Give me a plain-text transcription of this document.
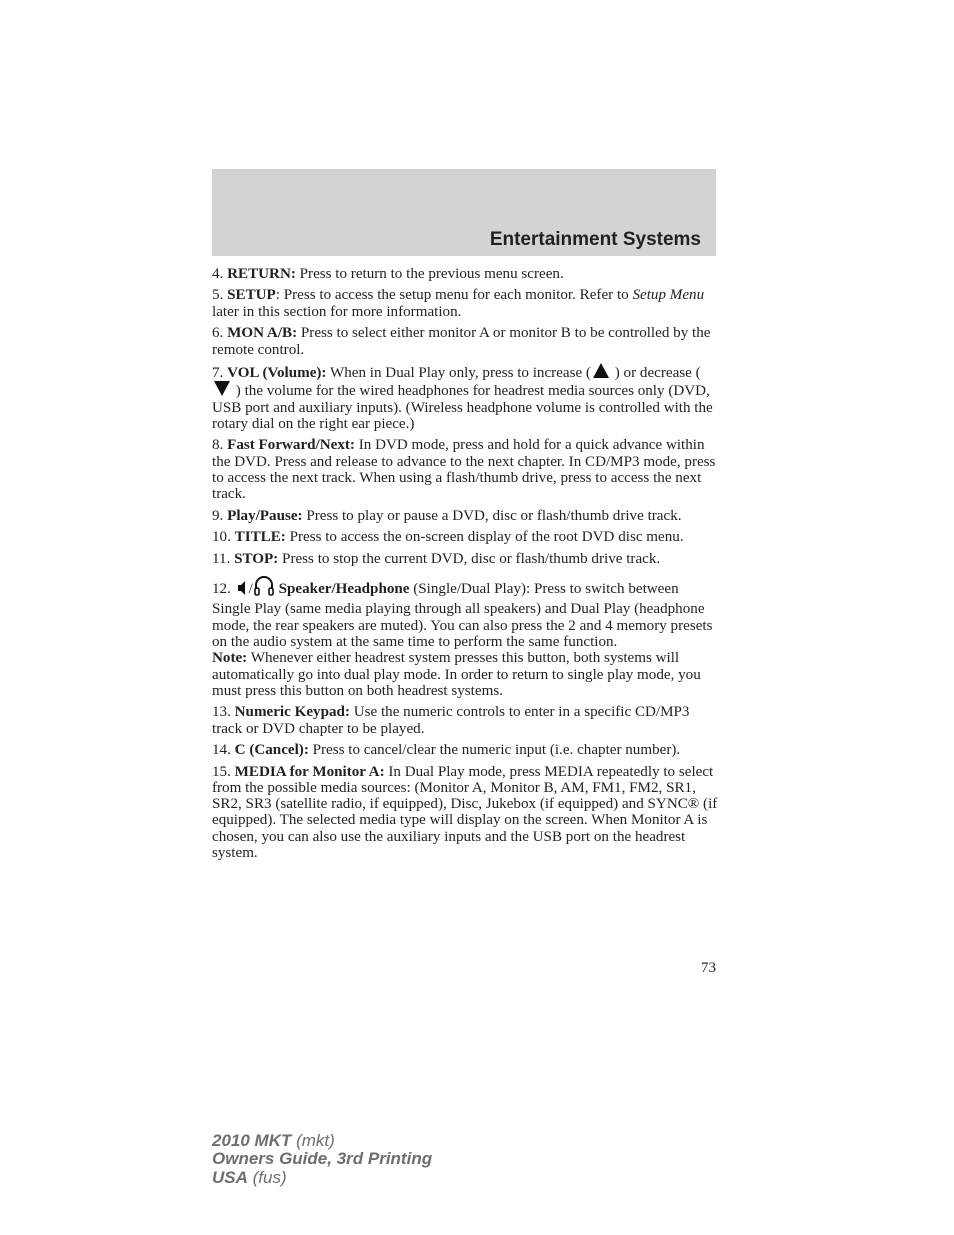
Entertainment Systems

4. RETURN: Press to return to the previous menu screen.

5. SETUP: Press to access the setup menu for each monitor. Refer to Setup Menu later in this section for more information.

6. MON A/B: Press to select either monitor A or monitor B to be controlled by the remote control.

7. VOL (Volume): When in Dual Play only, press to increase ( ) or decrease ( ) the volume for the wired headphones for headrest media sources only (DVD, USB port and auxiliary inputs). (Wireless headphone volume is controlled with the rotary dial on the right ear piece.)

8. Fast Forward/Next: In DVD mode, press and hold for a quick advance within the DVD. Press and release to advance to the next chapter. In CD/MP3 mode, press to access the next track. When using a flash/thumb drive, press to access the next track.

9. Play/Pause: Press to play or pause a DVD, disc or flash/thumb drive track.

10. TITLE: Press to access the on-screen display of the root DVD disc menu.

11. STOP: Press to stop the current DVD, disc or flash/thumb drive track.

12. / Speaker/Headphone (Single/Dual Play): Press to switch between Single Play (same media playing through all speakers) and Dual Play (headphone mode, the rear speakers are muted). You can also press the 2 and 4 memory presets on the audio system at the same time to perform the same function.

Note: Whenever either headrest system presses this button, both systems will automatically go into dual play mode. In order to return to single play mode, you must press this button on both headrest systems.

13. Numeric Keypad: Use the numeric controls to enter in a specific CD/MP3 track or DVD chapter to be played.

14. C (Cancel): Press to cancel/clear the numeric input (i.e. chapter number).

15. MEDIA for Monitor A: In Dual Play mode, press MEDIA repeatedly to select from the possible media sources: (Monitor A, Monitor B, AM, FM1, FM2, SR1, SR2, SR3 (satellite radio, if equipped), Disc, Jukebox (if equipped) and SYNC® (if equipped). The selected media type will display on the screen. When Monitor A is chosen, you can also use the auxiliary inputs and the USB port on the headrest system.

73
2010 MKT (mkt)
Owners Guide, 3rd Printing
USA (fus)
